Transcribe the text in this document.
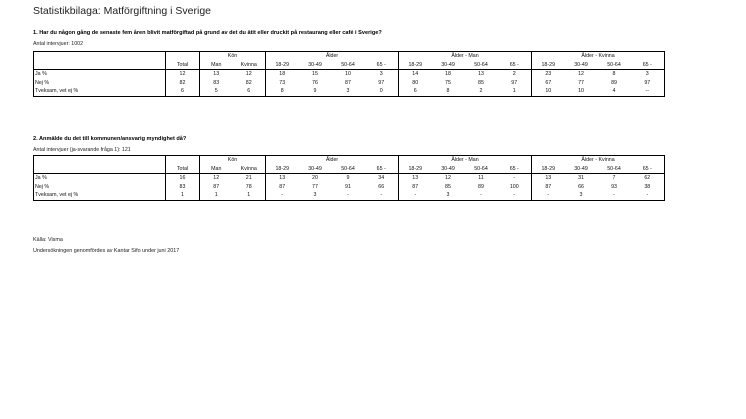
Statistikbilaga: Matförgiftning i Sverige
1. Har du någon gång de senaste fem åren blivit matförgiftad på grund av det du ätit eller druckit på restaurang eller café i Sverige?
Antal intervjuer: 1002
		Kön		Ålder				Ålder - Man				Ålder - Kvinna			
	Total	Man	Kvinna	18-29	30-49	50-64	65 -	18-29	30-49	50-64	65 -	18-29	30-49	50-64	65 -
Ja %	12	13	12	18	15	10	3	14	18	13	2	23	12	8	3
Nej %	82	83	82	73	76	87	97	80	75	85	97	67	77	89	97
Tveksam, vet ej %	6	5	6	8	9	3	0	6	8	2	1	10	10	4	--
2. Anmälde du det till kommunen/ansvarig myndighet då?
Antal intervjuer (ja-svarande fråga 1): 121
		Kön		Ålder				Ålder - Man				Ålder - Kvinna			
	Total	Man	Kvinna	18-29	30-49	50-64	65 -	18-29	30-49	50-64	65 -	18-29	30-49	50-64	65 -
Ja %	16	12	21	13	20	9	34	13	12	11	-	13	31	7	62
Nej %	83	87	78	87	77	91	66	87	85	89	100	87	66	93	38
Tveksam, vet ej %	1	1	1	-	3	-	-	-	3	-	-	-	3	-	-
Källa: Visma
Undersökningen genomfördes av Kantar Sifo under juni 2017
